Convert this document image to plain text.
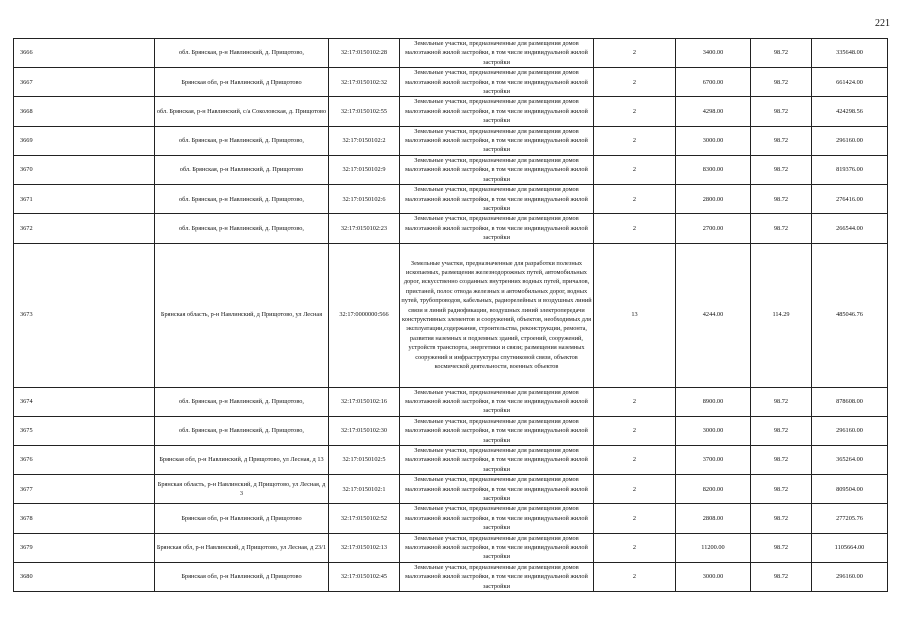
221
3666	обл. Брянская, р-н Навлинский, д. Прищотово,	32:17:0150102:28	Земельные участки, предназначенные для размещения домов малоэтажной жилой застройки, в том числе индивидуальной жилой застройки	2	3400.00	98.72	335648.00
3667	Брянская обл, р-н Навлинский, д Прищотово	32:17:0150102:32	Земельные участки, предназначенные для размещения домов малоэтажной жилой застройки, в том числе индивидуальной жилой застройки	2	6700.00	98.72	661424.00
3668	обл. Брянская, р-н Навлинский, с/а Соколовская, д. Прищотово	32:17:0150102:55	Земельные участки, предназначенные для размещения домов малоэтажной жилой застройки, в том числе индивидуальной жилой застройки	2	4298.00	98.72	424298.56
3669	обл. Брянская, р-н Навлинский, д. Прищотово,	32:17:0150102:2	Земельные участки, предназначенные для размещения домов малоэтажной жилой застройки, в том числе индивидуальной жилой застройки	2	3000.00	98.72	296160.00
3670	обл. Брянская, р-н Навлинский, д. Прищотово	32:17:0150102:9	Земельные участки, предназначенные для размещения домов малоэтажной жилой застройки, в том числе индивидуальной жилой застройки	2	8300.00	98.72	819376.00
3671	обл. Брянская, р-н Навлинский, д. Прищотово,	32:17:0150102:6	Земельные участки, предназначенные для размещения домов малоэтажной жилой застройки, в том числе индивидуальной жилой застройки	2	2800.00	98.72	276416.00
3672	обл. Брянская, р-н Навлинский, д. Прищотово,	32:17:0150102:23	Земельные участки, предназначенные для размещения домов малоэтажной жилой застройки, в том числе индивидуальной жилой застройки	2	2700.00	98.72	266544.00
3673	Брянская область, р-н Навлинский, д Прищотово, ул Лесная	32:17:0000000:566	Земельные участки, предназначенные для разработки полезных ископаемых, размещения железнодорожных путей, автомобильных дорог, искусственно созданных внутренних водных путей, причалов, пристаней, полос отвода железных и автомобильных дорог, водных путей, трубопроводов, кабельных, радиорелейных и воздушных линий связи и линий радиофикации, воздушных линий электропередачи конструктивных элементов и сооружений, объектов, необходимых для эксплуатации,содержания, строительства, реконструкции, ремонта, развития наземных и подземных зданий, строений, сооружений, устройств транспорта, энергетики и связи; размещения наземных сооружений и инфраструктуры спутниковой связи, объектов космической деятельности, военных объектов	13	4244.00	114.29	485046.76
3674	обл. Брянская, р-н Навлинский, д. Прищотово,	32:17:0150102:16	Земельные участки, предназначенные для размещения домов малоэтажной жилой застройки, в том числе индивидуальной жилой застройки	2	8900.00	98.72	878608.00
3675	обл. Брянская, р-н Навлинский, д. Прищотово,	32:17:0150102:30	Земельные участки, предназначенные для размещения домов малоэтажной жилой застройки, в том числе индивидуальной жилой застройки	2	3000.00	98.72	296160.00
3676	Брянская обл, р-н Навлинский, д Прищотово, ул Лесная, д 13	32:17:0150102:5	Земельные участки, предназначенные для размещения домов малоэтажной жилой застройки, в том числе индивидуальной жилой застройки	2	3700.00	98.72	365264.00
3677	Брянская область, р-н Навлинский, д Прищотово, ул Лесная, д 3	32:17:0150102:1	Земельные участки, предназначенные для размещения домов малоэтажной жилой застройки, в том числе индивидуальной жилой застройки	2	8200.00	98.72	809504.00
3678	Брянская обл, р-н Навлинский, д Прищотово	32:17:0150102:52	Земельные участки, предназначенные для размещения домов малоэтажной жилой застройки, в том числе индивидуальной жилой застройки	2	2808.00	98.72	277205.76
3679	Брянская обл, р-н Навлинский, д Прищотово, ул Лесная, д 23/1	32:17:0150102:13	Земельные участки, предназначенные для размещения домов малоэтажной жилой застройки, в том числе индивидуальной жилой застройки	2	11200.00	98.72	1105664.00
3680	Брянская обл, р-н Навлинский, д Прищотово	32:17:0150102:45	Земельные участки, предназначенные для размещения домов малоэтажной жилой застройки, в том числе индивидуальной жилой застройки	2	3000.00	98.72	296160.00
